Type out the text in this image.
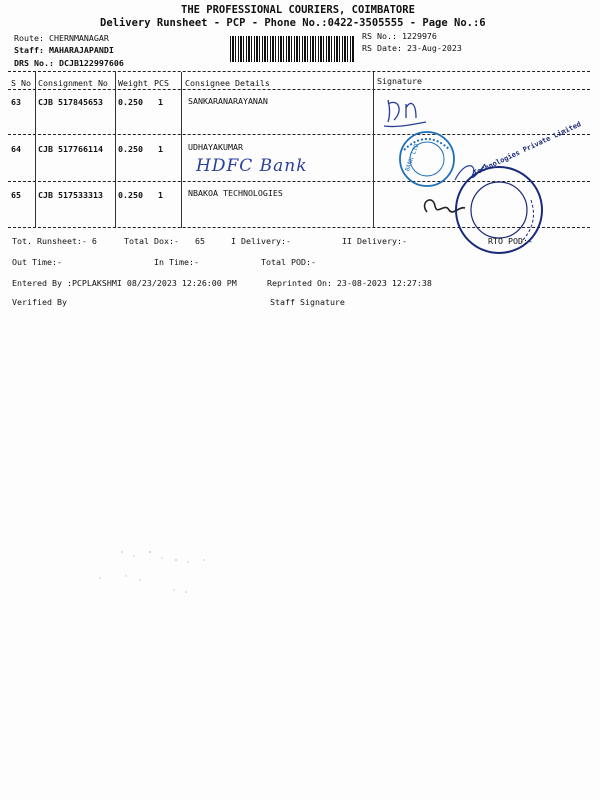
THE PROFESSIONAL COURIERS, COIMBATORE
Delivery Runsheet - PCP - Phone No.:0422-3505555 - Page No.:6
Route: CHERNMANAGAR
Staff: MAHARAJAPANDI
DRS No.: DCJB122997606
RS No.: 1229976
RS Date: 23-Aug-2023
S No Consignment No Weight PCS Consignee Details	Signature
63 CJB 517845653 0.250 1	SANKARANARAYANAN
64 CJB 517766114 0.250 1	UDHAYAKUMAR
65 CJB 517533313 0.250 1	NBAKOA TECHNOLOGIES
HDFC Bank	BANK LTD	Technologies Private Limited
Tot. Runsheet:- 6	Total Dox:- 65	I Delivery:-	II Delivery:-	RTO POD:-
Out Time:-	In Time:-	Total POD:-
Entered By :PCPLAKSHMI 08/23/2023 12:26:00 PM	Reprinted On: 23-08-2023 12:27:38
Verified By	Staff Signature
